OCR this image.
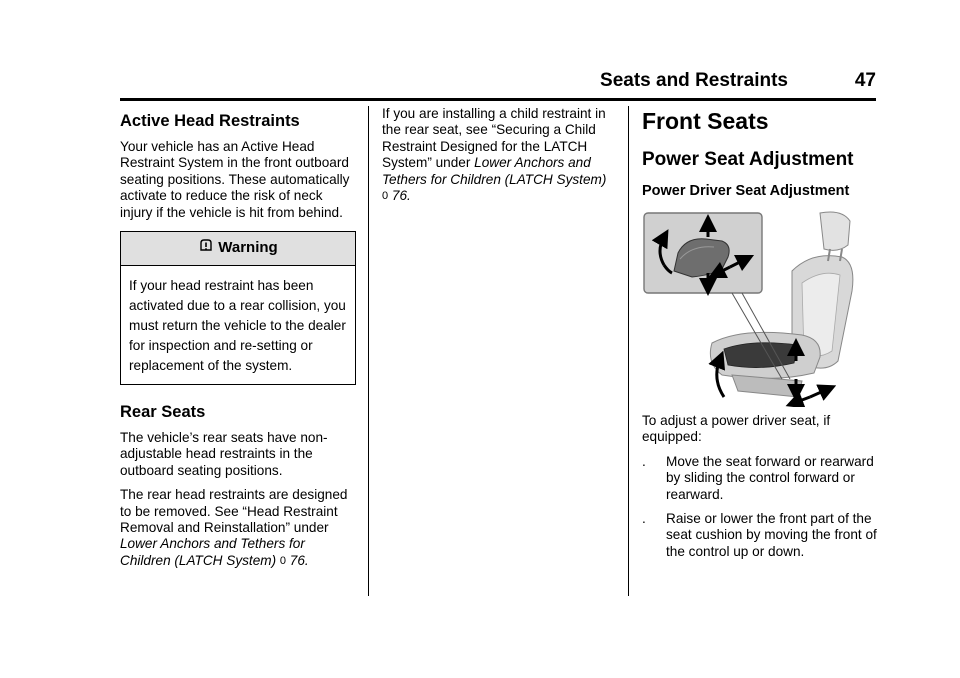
Seats and Restraints	47
Active Head Restraints

Your vehicle has an Active Head Restraint System in the front outboard seating positions. These automatically activate to reduce the risk of neck injury if the vehicle is hit from behind.

Warning
If your head restraint has been activated due to a rear collision, you must return the vehicle to the dealer for inspection and re-setting or replacement of the system.
Rear Seats

The vehicle’s rear seats have non-adjustable head restraints in the outboard seating positions.

The rear head restraints are designed to be removed. See “Head Restraint Removal and Reinstallation” under Lower Anchors and Tethers for Children (LATCH System) 0 76.

If you are installing a child restraint in the rear seat, see “Securing a Child Restraint Designed for the LATCH System” under Lower Anchors and Tethers for Children (LATCH System) 0 76.

Front Seats
Power Seat Adjustment
Power Driver Seat Adjustment

To adjust a power driver seat, if equipped:

. Move the seat forward or rearward by sliding the control forward or rearward.
. Raise or lower the front part of the seat cushion by moving the front of the control up or down.
